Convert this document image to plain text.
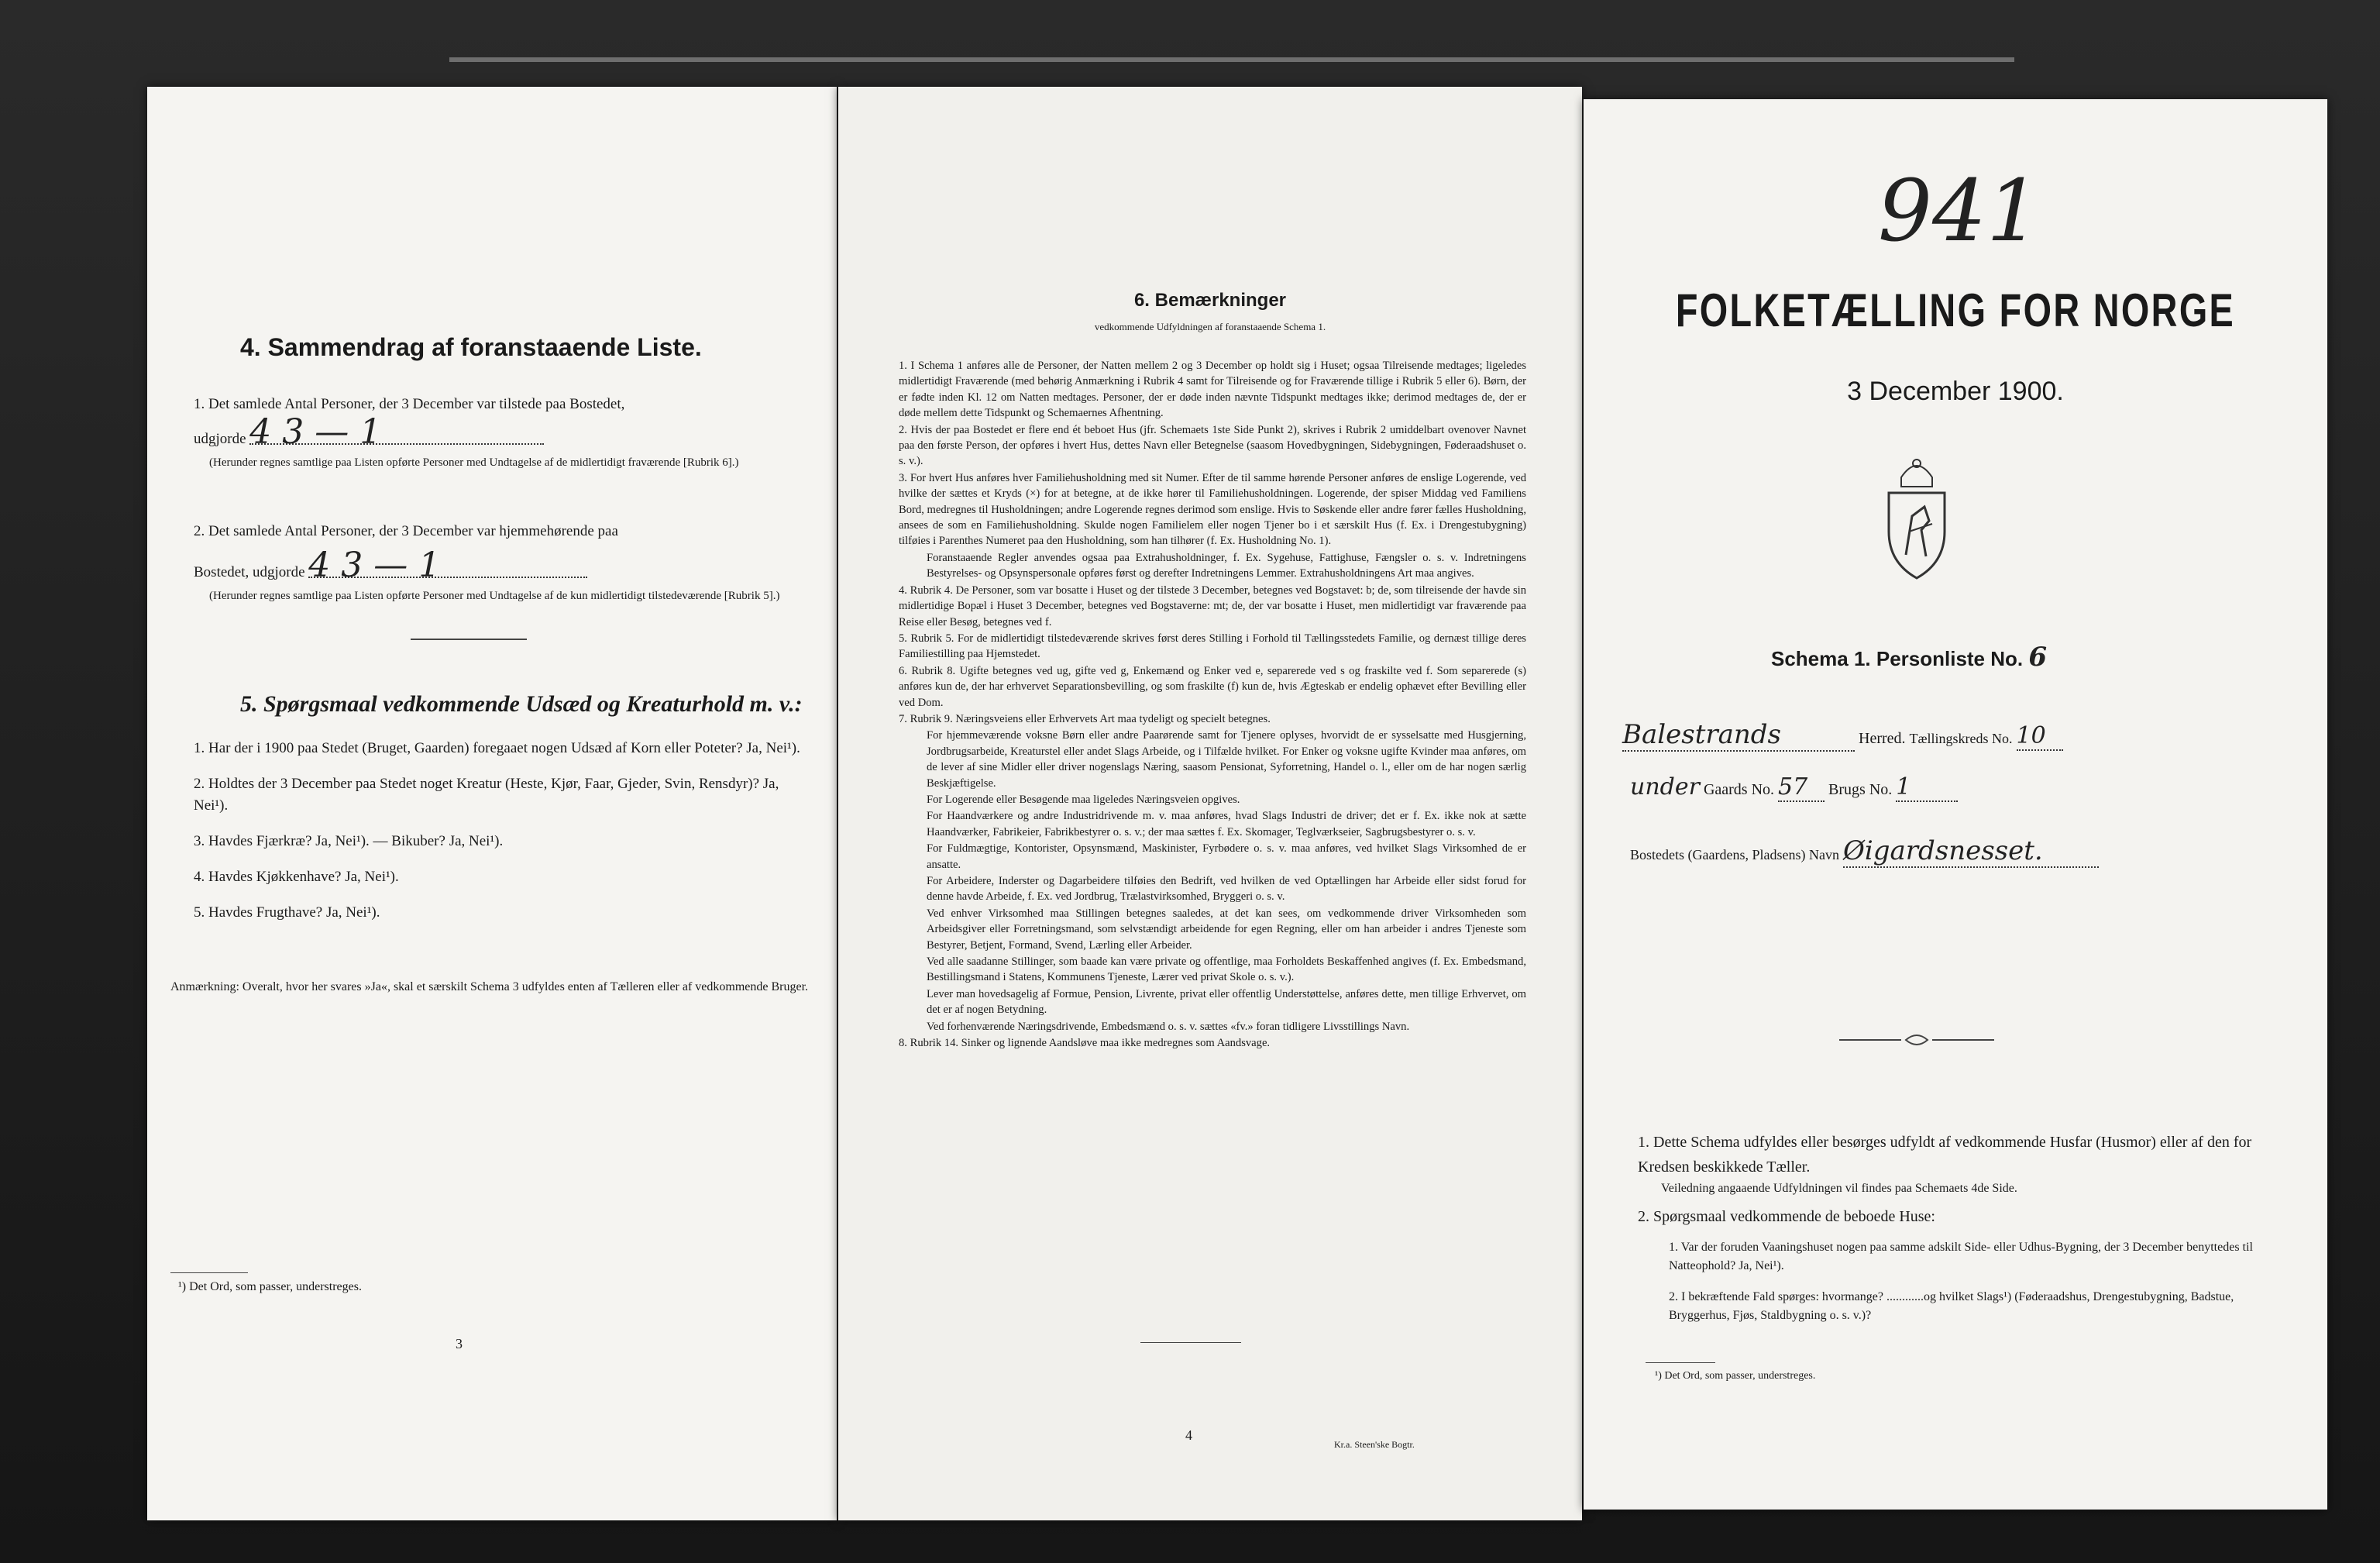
4. Sammendrag af foranstaaende Liste.
1. Det samlede Antal Personer, der 3 December var tilstede paa Bostedet,
udgjorde 4 3 — 1
(Herunder regnes samtlige paa Listen opførte Personer med Undtagelse af de midlertidigt fraværende [Rubrik 6].)
2. Det samlede Antal Personer, der 3 December var hjemmehørende paa
Bostedet, udgjorde 4 3 — 1
(Herunder regnes samtlige paa Listen opførte Personer med Undtagelse af de kun midlertidigt tilstedeværende [Rubrik 5].)
5. Spørgsmaal vedkommende Udsæd og Kreaturhold m. v.:
1. Har der i 1900 paa Stedet (Bruget, Gaarden) foregaaet nogen Udsæd af Korn eller Poteter? Ja, Nei¹).
2. Holdtes der 3 December paa Stedet noget Kreatur (Heste, Kjør, Faar, Gjeder, Svin, Rensdyr)? Ja, Nei¹).
3. Havdes Fjærkræ? Ja, Nei¹). — Bikuber? Ja, Nei¹).
4. Havdes Kjøkkenhave? Ja, Nei¹).
5. Havdes Frugthave? Ja, Nei¹).
Anmærkning: Overalt, hvor her svares »Ja«, skal et særskilt Schema 3 udfyldes enten af Tælleren eller af vedkommende Bruger.
¹) Det Ord, som passer, understreges.
3
6. Bemærkninger
vedkommende Udfyldningen af foranstaaende Schema 1.

1. I Schema 1 anføres alle de Personer, der Natten mellem 2 og 3 December op holdt sig i Huset; ogsaa Tilreisende medtages; ligeledes midlertidigt Fraværende (med behørig Anmærkning i Rubrik 4 samt for Tilreisende og for Fraværende tillige i Rubrik 5 eller 6). Børn, der er fødte inden Kl. 12 om Natten medtages. Personer, der er døde inden nævnte Tidspunkt medtages ikke; derimod medtages de, der er døde mellem dette Tidspunkt og Schemaernes Afhentning.

2. Hvis der paa Bostedet er flere end ét beboet Hus (jfr. Schemaets 1ste Side Punkt 2), skrives i Rubrik 2 umiddelbart ovenover Navnet paa den første Person, der opføres i hvert Hus, dettes Navn eller Betegnelse (saasom Hovedbygningen, Sidebygningen, Føderaadshuset o. s. v.).

3. For hvert Hus anføres hver Familiehusholdning med sit Numer. Efter de til samme hørende Personer anføres de enslige Logerende, ved hvilke der sættes et Kryds (×) for at betegne, at de ikke hører til Familiehusholdningen. Logerende, der spiser Middag ved Familiens Bord, medregnes til Husholdningen; andre Logerende regnes derimod som enslige. Hvis to Søskende eller andre fører fælles Husholdning, ansees de som en Familiehusholdning. Skulde nogen Familielem eller nogen Tjener bo i et særskilt Hus (f. Ex. i Drengestubygning) tilføies i Parenthes Numeret paa den Husholdning, som han tilhører (f. Ex. Husholdning No. 1).

Foranstaaende Regler anvendes ogsaa paa Extrahusholdninger, f. Ex. Sygehuse, Fattighuse, Fængsler o. s. v. Indretningens Bestyrelses- og Opsynspersonale opføres først og derefter Indretningens Lemmer. Extrahusholdningens Art maa angives.

4. Rubrik 4. De Personer, som var bosatte i Huset og der tilstede 3 December, betegnes ved Bogstavet: b; de, som tilreisende der havde sin midlertidige Bopæl i Huset 3 December, betegnes ved Bogstaverne: mt; de, der var bosatte i Huset, men midlertidigt var fraværende paa Reise eller Besøg, betegnes ved f.

5. Rubrik 5. For de midlertidigt tilstedeværende skrives først deres Stilling i Forhold til Tællingsstedets Familie, og dernæst tillige deres Familiestilling paa Hjemstedet.

6. Rubrik 8. Ugifte betegnes ved ug, gifte ved g, Enkemænd og Enker ved e, separerede ved s og fraskilte ved f. Som separerede (s) anføres kun de, der har erhvervet Separationsbevilling, og som fraskilte (f) kun de, hvis Ægteskab er endelig ophævet efter Bevilling eller ved Dom.

7. Rubrik 9. Næringsveiens eller Erhvervets Art maa tydeligt og specielt betegnes.

For hjemmeværende voksne Børn eller andre Paarørende samt for Tjenere oplyses, hvorvidt de er sysselsatte med Husgjerning, Jordbrugsarbeide, Kreaturstel eller andet Slags Arbeide, og i Tilfælde hvilket. For Enker og voksne ugifte Kvinder maa anføres, om de lever af sine Midler eller driver nogenslags Næring, saasom Pensionat, Syforretning, Handel o. l., eller om de har nogen særlig Beskjæftigelse.

For Logerende eller Besøgende maa ligeledes Næringsveien opgives.

For Haandværkere og andre Industridrivende m. v. maa anføres, hvad Slags Industri de driver; det er f. Ex. ikke nok at sætte Haandværker, Fabrikeier, Fabrikbestyrer o. s. v.; der maa sættes f. Ex. Skomager, Teglværkseier, Sagbrugsbestyrer o. s. v.

For Fuldmægtige, Kontorister, Opsynsmænd, Maskinister, Fyrbødere o. s. v. maa anføres, ved hvilket Slags Virksomhed de er ansatte.

For Arbeidere, Inderster og Dagarbeidere tilføies den Bedrift, ved hvilken de ved Optællingen har Arbeide eller sidst forud for denne havde Arbeide, f. Ex. ved Jordbrug, Trælastvirksomhed, Bryggeri o. s. v.

Ved enhver Virksomhed maa Stillingen betegnes saaledes, at det kan sees, om vedkommende driver Virksomheden som Arbeidsgiver eller Forretningsmand, som selvstændigt arbeidende for egen Regning, eller om han arbeider i andres Tjeneste som Bestyrer, Betjent, Formand, Svend, Lærling eller Arbeider.

Ved alle saadanne Stillinger, som baade kan være private og offentlige, maa Forholdets Beskaffenhed angives (f. Ex. Embedsmand, Bestillingsmand i Statens, Kommunens Tjeneste, Lærer ved privat Skole o. s. v.).

Lever man hovedsagelig af Formue, Pension, Livrente, privat eller offentlig Understøttelse, anføres dette, men tillige Erhvervet, om det er af nogen Betydning.

Ved forhenværende Næringsdrivende, Embedsmænd o. s. v. sættes «fv.» foran tidligere Livsstillings Navn.

8. Rubrik 14. Sinker og lignende Aandsløve maa ikke medregnes som Aandsvage.

4
Kr.a. Steen'ske Bogtr.
941
FOLKETÆLLING FOR NORGE
3 December 1900.
Schema 1. Personliste No. 6
Balestrands	Herred. Tællingskreds No. 10
under Gaards No. 57 Brugs No. 1
Bostedets (Gaardens, Pladsens) Navn Øigardsnesset.
1. Dette Schema udfyldes eller besørges udfyldt af vedkommende Husfar (Husmor) eller af den for Kredsen beskikkede Tæller.
Veiledning angaaende Udfyldningen vil findes paa Schemaets 4de Side.
2. Spørgsmaal vedkommende de beboede Huse:
1. Var der foruden Vaaningshuset nogen paa samme adskilt Side- eller Udhus-Bygning, der 3 December benyttedes til Natteophold? Ja, Nei¹).
2. I bekræftende Fald spørges: hvormange? ............og hvilket Slags¹) (Føderaadshus, Drengestubygning, Badstue, Bryggerhus, Fjøs, Staldbygning o. s. v.)?
¹) Det Ord, som passer, understreges.
